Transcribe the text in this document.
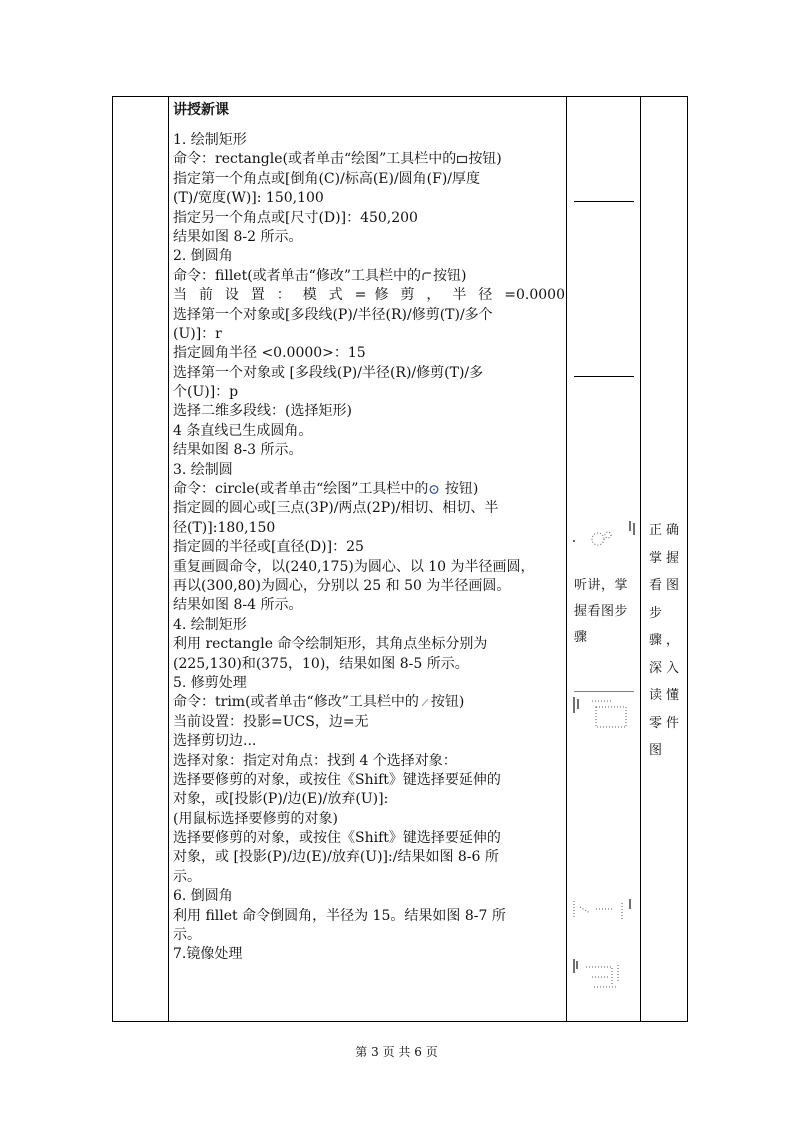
讲授新课
1. 绘制矩形
命令：rectangle(或者单击“绘图”工具栏中的 按钮)
指定第一个角点或[倒角(C)/标高(E)/圆角(F)/厚度
(T)/宽度(W)]: 150,100
指定另一个角点或[尺寸(D)]：450,200
结果如图 8-2 所示。
2. 倒圆角
命令：fillet(或者单击“修改”工具栏中的 按钮)
当 前 设 置 ： 模 式 = 修 剪 ， 半 径 =0.0000
选择第一个对象或[多段线(P)/半径(R)/修剪(T)/多个
(U)]：r
指定圆角半径 <0.0000>：15
选择第一个对象或 [多段线(P)/半径(R)/修剪(T)/多
个(U)]：p
选择二维多段线：(选择矩形)
4 条直线已生成圆角。
结果如图 8-3 所示。
3. 绘制圆
命令：circle(或者单击“绘图”工具栏中的 按钮)
指定圆的圆心或[三点(3P)/两点(2P)/相切、相切、半
径(T)]:180,150
指定圆的半径或[直径(D)]：25
重复画圆命令，以(240,175)为圆心、以 10 为半径画圆，
再以(300,80)为圆心，分别以 25 和 50 为半径画圆。
结果如图 8-4 所示。
4. 绘制矩形
利用 rectangle 命令绘制矩形，其角点坐标分别为
(225,130)和(375，10)，结果如图 8-5 所示。
5. 修剪处理
命令：trim(或者单击“修改”工具栏中的 按钮)
当前设置：投影=UCS，边=无
选择剪切边...
选择对象：指定对角点：找到 4 个选择对象：
选择要修剪的对象，或按住《Shift》键选择要延伸的
对象，或[投影(P)/边(E)/放弃(U)]:
(用鼠标选择要修剪的对象)
选择要修剪的对象，或按住《Shift》键选择要延伸的
对象，或 [投影(P)/边(E)/放弃(U)]:/结果如图 8-6 所
示。
6. 倒圆角
利用 fillet 命令倒圆角，半径为 15。结果如图 8-7 所
示。
7.镜像处理
听讲，掌
握看图步
骤
正确
掌握
看图
步
骤，
深入
读懂
零件
图
第 3 页 共 6 页
